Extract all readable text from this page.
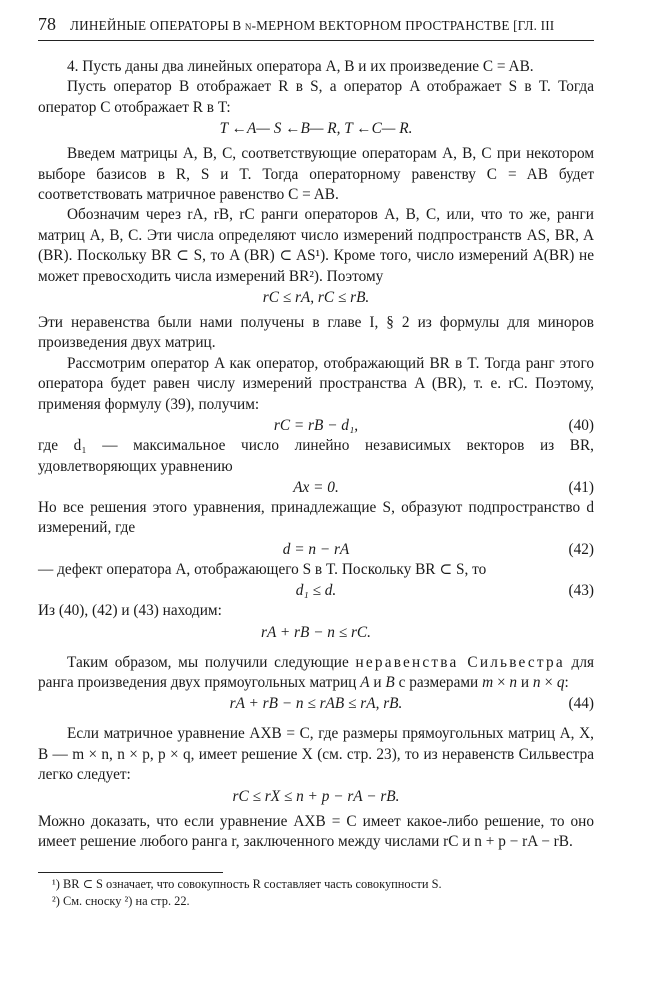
78 ЛИНЕЙНЫЕ ОПЕРАТОРЫ В n-МЕРНОМ ВЕКТОРНОМ ПРОСТРАНСТВЕ [ГЛ. III

4. Пусть даны два линейных оператора A, B и их произведение C = AB.

Пусть оператор B отображает R в S, а оператор A отображает S в T. Тогда оператор C отображает R в T:

T ←A— S ←B— R, T ←C— R.

Введем матрицы A, B, C, соответствующие операторам A, B, C при некотором выборе базисов в R, S и T. Тогда операторному равенству C = AB будет соответствовать матричное равенство C = AB.

Обозначим через rA, rB, rC ранги операторов A, B, C, или, что то же, ранги матриц A, B, C. Эти числа определяют число измерений подпространств AS, BR, A (BR). Поскольку BR ⊂ S, то A (BR) ⊂ AS¹). Кроме того, число измерений A(BR) не может превосходить числа измерений BR²). Поэтому

rC ≤ rA, rC ≤ rB.

Эти неравенства были нами получены в главе I, § 2 из формулы для миноров произведения двух матриц.

Рассмотрим оператор A как оператор, отображающий BR в T. Тогда ранг этого оператора будет равен числу измерений пространства A (BR), т. е. rC. Поэтому, применяя формулу (39), получим:

rC = rB − d₁,	(40)

где d₁ — максимальное число линейно независимых векторов из BR, удовлетворяющих уравнению

Ax = 0.	(41)

Но все решения этого уравнения, принадлежащие S, образуют подпространство d измерений, где

d = n − rA	(42)

— дефект оператора A, отображающего S в T. Поскольку BR ⊂ S, то

d₁ ≤ d.	(43)

Из (40), (42) и (43) находим:

rA + rB − n ≤ rC.

Таким образом, мы получили следующие неравенства Сильвестра для ранга произведения двух прямоугольных матриц A и B с размерами m × n и n × q:

rA + rB − n ≤ rAB ≤ rA, rB.	(44)

Если матричное уравнение AXB = C, где размеры прямоугольных матриц A, X, B — m × n, n × p, p × q, имеет решение X (см. стр. 23), то из неравенств Сильвестра легко следует:

rC ≤ rX ≤ n + p − rA − rB.

Можно доказать, что если уравнение AXB = C имеет какое-либо решение, то оно имеет решение любого ранга r, заключенного между числами rC и n + p − rA − rB.

¹) BR ⊂ S означает, что совокупность R составляет часть совокупности S.

²) См. сноску ²) на стр. 22.
